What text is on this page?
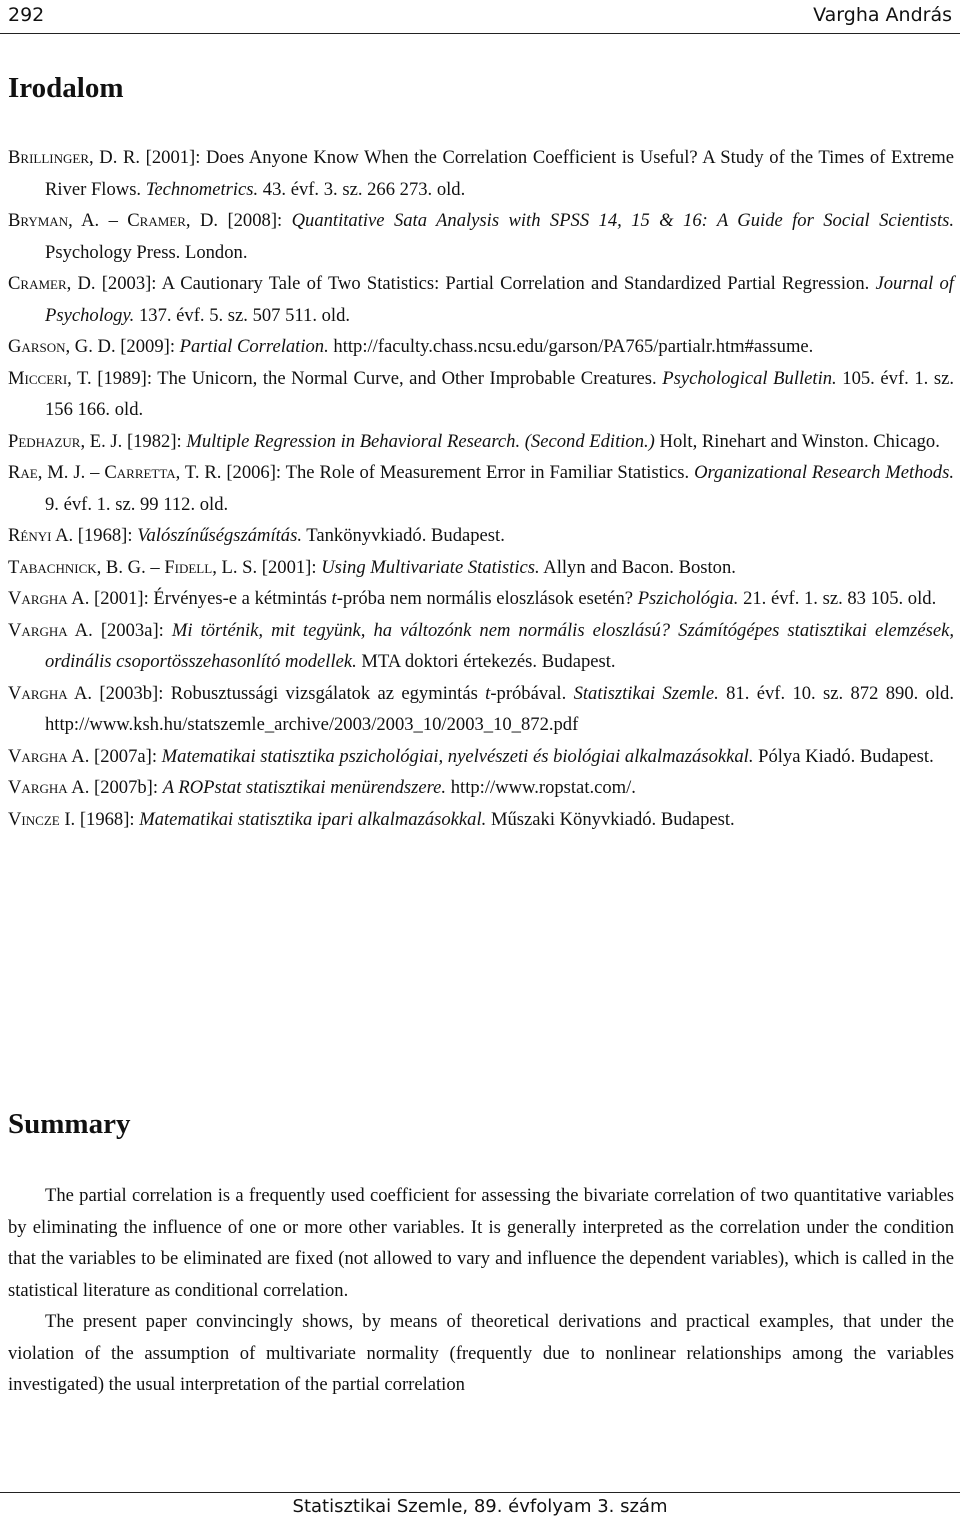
292	Vargha András
Irodalom

Brillinger, D. R. [2001]: Does Anyone Know When the Correlation Coefficient is Useful? A Study of the Times of Extreme River Flows. Technometrics. 43. évf. 3. sz. 266 273. old.

Bryman, A. – Cramer, D. [2008]: Quantitative Sata Analysis with SPSS 14, 15 & 16: A Guide for Social Scientists. Psychology Press. London.

Cramer, D. [2003]: A Cautionary Tale of Two Statistics: Partial Correlation and Standardized Partial Regression. Journal of Psychology. 137. évf. 5. sz. 507 511. old.

Garson, G. D. [2009]: Partial Correlation. http://faculty.chass.ncsu.edu/garson/PA765/partialr.htm#assume.

Micceri, T. [1989]: The Unicorn, the Normal Curve, and Other Improbable Creatures. Psychological Bulletin. 105. évf. 1. sz. 156 166. old.

Pedhazur, E. J. [1982]: Multiple Regression in Behavioral Research. (Second Edition.) Holt, Rinehart and Winston. Chicago.

Rae, M. J. – Carretta, T. R. [2006]: The Role of Measurement Error in Familiar Statistics. Organizational Research Methods. 9. évf. 1. sz. 99 112. old.

Rényi A. [1968]: Valószínűségszámítás. Tankönyvkiadó. Budapest.

Tabachnick, B. G. – Fidell, L. S. [2001]: Using Multivariate Statistics. Allyn and Bacon. Boston.

Vargha A. [2001]: Érvényes-e a kétmintás t-próba nem normális eloszlások esetén? Pszichológia. 21. évf. 1. sz. 83 105. old.

Vargha A. [2003a]: Mi történik, mit tegyünk, ha változónk nem normális eloszlású? Számítógépes statisztikai elemzések, ordinális csoportösszehasonlító modellek. MTA doktori értekezés. Budapest.

Vargha A. [2003b]: Robusztussági vizsgálatok az egymintás t-próbával. Statisztikai Szemle. 81. évf. 10. sz. 872 890. old. http://www.ksh.hu/statszemle_archive/2003/2003_10/2003_10_872.pdf

Vargha A. [2007a]: Matematikai statisztika pszichológiai, nyelvészeti és biológiai alkalmazásokkal. Pólya Kiadó. Budapest.

Vargha A. [2007b]: A ROPstat statisztikai menürendszere. http://www.ropstat.com/.

Vincze I. [1968]: Matematikai statisztika ipari alkalmazásokkal. Műszaki Könyvkiadó. Budapest.

Summary

The partial correlation is a frequently used coefficient for assessing the bivariate correlation of two quantitative variables by eliminating the influence of one or more other variables. It is generally interpreted as the correlation under the condition that the variables to be eliminated are fixed (not allowed to vary and influence the dependent variables), which is called in the statistical literature as conditional correlation.

The present paper convincingly shows, by means of theoretical derivations and practical examples, that under the violation of the assumption of multivariate normality (frequently due to nonlinear relationships among the variables investigated) the usual interpretation of the partial correlation

Statisztikai Szemle, 89. évfolyam 3. szám
